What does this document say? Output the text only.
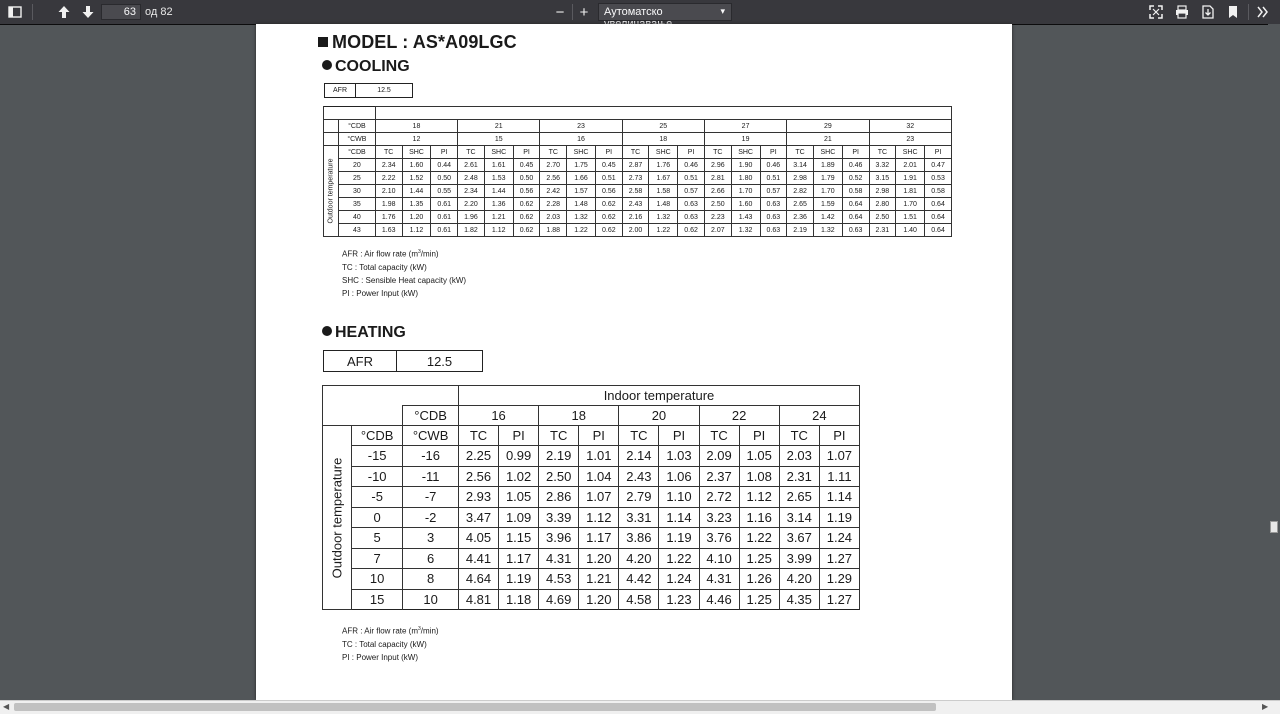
63
од 82	−	+	Аутоматско	▾
MODEL : AS*A09LGC
COOLING
AFR	12.5

	°CDB	18			21			23			25			27			29			32		
	°CWB	12			15			16			18			19			21			23		

Outdoor temperature	°CDB	TC	SHC	PI	TC	SHC	PI	TC	SHC	PI	TC	SHC	PI	TC	SHC	PI	TC	SHC	PI	TC	SHC	PI
	20	2.34	1.60	0.44	2.61	1.61	0.45	2.70	1.75	0.45	2.87	1.76	0.46	2.96	1.90	0.46	3.14	1.89	0.46	3.32	2.01	0.47
	25	2.22	1.52	0.50	2.48	1.53	0.50	2.56	1.66	0.51	2.73	1.67	0.51	2.81	1.80	0.51	2.98	1.79	0.52	3.15	1.91	0.53
	30	2.10	1.44	0.55	2.34	1.44	0.56	2.42	1.57	0.56	2.58	1.58	0.57	2.66	1.70	0.57	2.82	1.70	0.58	2.98	1.81	0.58
	35	1.98	1.35	0.61	2.20	1.36	0.62	2.28	1.48	0.62	2.43	1.48	0.63	2.50	1.60	0.63	2.65	1.59	0.64	2.80	1.70	0.64
	40	1.76	1.20	0.61	1.96	1.21	0.62	2.03	1.32	0.62	2.16	1.32	0.63	2.23	1.43	0.63	2.36	1.42	0.64	2.50	1.51	0.64
	43	1.63	1.12	0.61	1.82	1.12	0.62	1.88	1.22	0.62	2.00	1.22	0.62	2.07	1.32	0.63	2.19	1.32	0.63	2.31	1.40	0.64
AFR : Air flow rate $(m^3/\min)$
TC : Total capacity (kW)
SHC : Sensible Heat capacity (kW)
PI : Power Input (kW)
HEATING
AFR	12.5
			Indoor temperature									
		°CDB	16		18		20		22		24	

Outdoor temperature	°CDB	°CWB	TC	PI	TC	PI	TC	PI	TC	PI	TC	PI
	-15	-16	2.25	0.99	2.19	1.01	2.14	1.03	2.09	1.05	2.03	1.07
	-10	-11	2.56	1.02	2.50	1.04	2.43	1.06	2.37	1.08	2.31	1.11
	-5	-7	2.93	1.05	2.86	1.07	2.79	1.10	2.72	1.12	2.65	1.14
	0	-2	3.47	1.09	3.39	1.12	3.31	1.14	3.23	1.16	3.14	1.19
	5	3	4.05	1.15	3.96	1.17	3.86	1.19	3.76	1.22	3.67	1.24
	7	6	4.41	1.17	4.31	1.20	4.20	1.22	4.10	1.25	3.99	1.27
	10	8	4.64	1.19	4.53	1.21	4.42	1.24	4.31	1.26	4.20	1.29
	15	10	4.81	1.18	4.69	1.20	4.58	1.23	4.46	1.25	4.35	1.27
AFR : Air flow rate $(m^3/\min)$
TC : Total capacity (kW)
PI : Power Input (kW)
◀	▶
